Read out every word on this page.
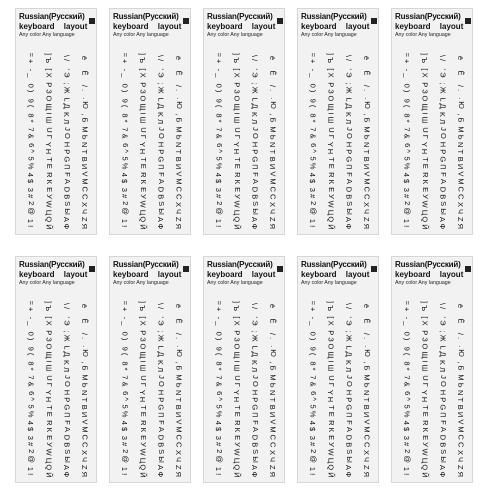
Russian(Русский)
keyboard layout
Any color Any language
1 !
2 @
3 #
4 $
5 %
6 ^
7 &
8 *
9 (
0 )
- _
= +
Q Й
W Ц
E У
R К
T Е
Y Н
U Г
I Ш
O Щ
P З
[ Х
] Ъ
A Ф
S Ы
D В
F А
G П
H Р
J О
K Л
L Д
; Ж
' Э
\ /
Z Я
X Ч
C С
V М
B И
N Т
M Ь
, Б
. Ю
/ .
Ё
ё
Russian(Русский)
keyboard layout
Any color Any language
1 !
2 @
3 #
4 $
5 %
6 ^
7 &
8 *
9 (
0 )
- _
= +
Q Й
W Ц
E У
R К
T Е
Y Н
U Г
I Ш
O Щ
P З
[ Х
] Ъ
A Ф
S Ы
D В
F А
G П
H Р
J О
K Л
L Д
; Ж
' Э
\ /
Z Я
X Ч
C С
V М
B И
N Т
M Ь
, Б
. Ю
/ .
Ё
ё
Russian(Русский)
keyboard layout
Any color Any language
1 !
2 @
3 #
4 $
5 %
6 ^
7 &
8 *
9 (
0 )
- _
= +
Q Й
W Ц
E У
R К
T Е
Y Н
U Г
I Ш
O Щ
P З
[ Х
] Ъ
A Ф
S Ы
D В
F А
G П
H Р
J О
K Л
L Д
; Ж
' Э
\ /
Z Я
X Ч
C С
V М
B И
N Т
M Ь
, Б
. Ю
/ .
Ё
ё
Russian(Русский)
keyboard layout
Any color Any language
1 !
2 @
3 #
4 $
5 %
6 ^
7 &
8 *
9 (
0 )
- _
= +
Q Й
W Ц
E У
R К
T Е
Y Н
U Г
I Ш
O Щ
P З
[ Х
] Ъ
A Ф
S Ы
D В
F А
G П
H Р
J О
K Л
L Д
; Ж
' Э
\ /
Z Я
X Ч
C С
V М
B И
N Т
M Ь
, Б
. Ю
/ .
Ё
ё
Russian(Русский)
keyboard layout
Any color Any language
1 !
2 @
3 #
4 $
5 %
6 ^
7 &
8 *
9 (
0 )
- _
= +
Q Й
W Ц
E У
R К
T Е
Y Н
U Г
I Ш
O Щ
P З
[ Х
] Ъ
A Ф
S Ы
D В
F А
G П
H Р
J О
K Л
L Д
; Ж
' Э
\ /
Z Я
X Ч
C С
V М
B И
N Т
M Ь
, Б
. Ю
/ .
Ё
ё
Russian(Русский)
keyboard layout
Any color Any language
1 !
2 @
3 #
4 $
5 %
6 ^
7 &
8 *
9 (
0 )
- _
= +
Q Й
W Ц
E У
R К
T Е
Y Н
U Г
I Ш
O Щ
P З
[ Х
] Ъ
A Ф
S Ы
D В
F А
G П
H Р
J О
K Л
L Д
; Ж
' Э
\ /
Z Я
X Ч
C С
V М
B И
N Т
M Ь
, Б
. Ю
/ .
Ё
ё
Russian(Русский)
keyboard layout
Any color Any language
1 !
2 @
3 #
4 $
5 %
6 ^
7 &
8 *
9 (
0 )
- _
= +
Q Й
W Ц
E У
R К
T Е
Y Н
U Г
I Ш
O Щ
P З
[ Х
] Ъ
A Ф
S Ы
D В
F А
G П
H Р
J О
K Л
L Д
; Ж
' Э
\ /
Z Я
X Ч
C С
V М
B И
N Т
M Ь
, Б
. Ю
/ .
Ё
ё
Russian(Русский)
keyboard layout
Any color Any language
1 !
2 @
3 #
4 $
5 %
6 ^
7 &
8 *
9 (
0 )
- _
= +
Q Й
W Ц
E У
R К
T Е
Y Н
U Г
I Ш
O Щ
P З
[ Х
] Ъ
A Ф
S Ы
D В
F А
G П
H Р
J О
K Л
L Д
; Ж
' Э
\ /
Z Я
X Ч
C С
V М
B И
N Т
M Ь
, Б
. Ю
/ .
Ё
ё
Russian(Русский)
keyboard layout
Any color Any language
1 !
2 @
3 #
4 $
5 %
6 ^
7 &
8 *
9 (
0 )
- _
= +
Q Й
W Ц
E У
R К
T Е
Y Н
U Г
I Ш
O Щ
P З
[ Х
] Ъ
A Ф
S Ы
D В
F А
G П
H Р
J О
K Л
L Д
; Ж
' Э
\ /
Z Я
X Ч
C С
V М
B И
N Т
M Ь
, Б
. Ю
/ .
Ё
ё
Russian(Русский)
keyboard layout
Any color Any language
1 !
2 @
3 #
4 $
5 %
6 ^
7 &
8 *
9 (
0 )
- _
= +
Q Й
W Ц
E У
R К
T Е
Y Н
U Г
I Ш
O Щ
P З
[ Х
] Ъ
A Ф
S Ы
D В
F А
G П
H Р
J О
K Л
L Д
; Ж
' Э
\ /
Z Я
X Ч
C С
V М
B И
N Т
M Ь
, Б
. Ю
/ .
Ё
ё
